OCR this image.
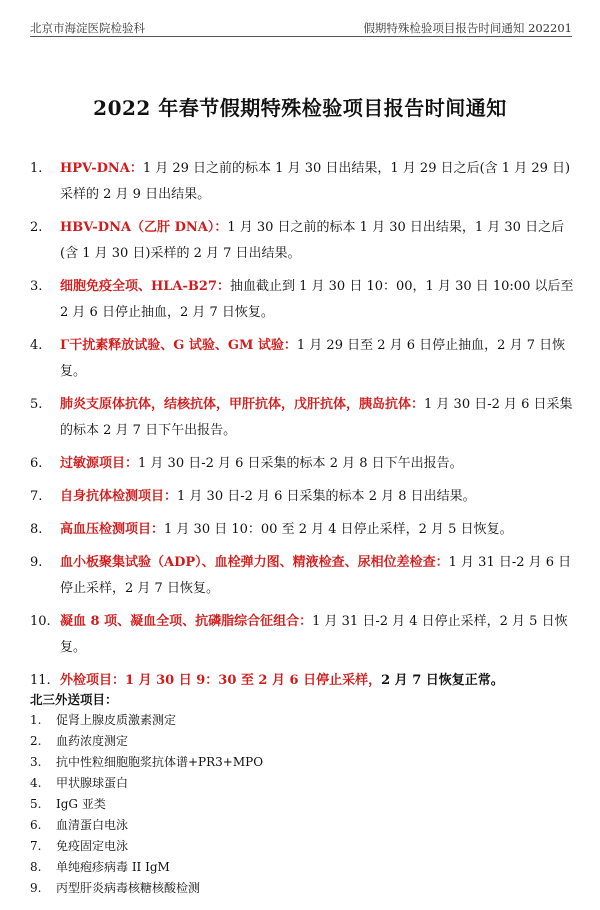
北京市海淀医院检验科	假期特殊检验项目报告时间通知 202201
2022 年春节假期特殊检验项目报告时间通知
1. HPV-DNA：1 月 29 日之前的标本 1 月 30 日出结果，1 月 29 日之后(含 1 月 29 日)采样的 2 月 9 日出结果。
2. HBV-DNA（乙肝 DNA）：1 月 30 日之前的标本 1 月 30 日出结果，1 月 30 日之后(含 1 月 30 日)采样的 2 月 7 日出结果。
3. 细胞免疫全项、HLA-B27：抽血截止到 1 月 30 日 10：00，1 月 30 日 10:00 以后至 2 月 6 日停止抽血，2 月 7 日恢复。
4. Γ干扰素释放试验、G 试验、GM 试验：1 月 29 日至 2 月 6 日停止抽血，2 月 7 日恢复。
5. 肺炎支原体抗体，结核抗体，甲肝抗体，戊肝抗体，胰岛抗体：1 月 30 日-2 月 6 日采集的标本 2 月 7 日下午出报告。
6. 过敏源项目：1 月 30 日-2 月 6 日采集的标本 2 月 8 日下午出报告。
7. 自身抗体检测项目：1 月 30 日-2 月 6 日采集的标本 2 月 8 日出结果。
8. 高血压检测项目：1 月 30 日 10：00 至 2 月 4 日停止采样，2 月 5 日恢复。
9. 血小板聚集试验（ADP）、血栓弹力图、精液检查、尿相位差检查：1 月 31 日-2 月 6 日停止采样，2 月 7 日恢复。
10. 凝血 8 项、凝血全项、抗磷脂综合征组合：1 月 31 日-2 月 4 日停止采样，2 月 5 日恢复。
11. 外检项目：1 月 30 日 9：30 至 2 月 6 日停止采样，2 月 7 日恢复正常。
北三外送项目：
1. 促肾上腺皮质激素测定
2. 血药浓度测定
3. 抗中性粒细胞胞浆抗体谱+PR3+MPO
4. 甲状腺球蛋白
5. IgG 亚类
6. 血清蛋白电泳
7. 免疫固定电泳
8. 单纯疱疹病毒 II IgM
9. 丙型肝炎病毒核糖核酸检测
